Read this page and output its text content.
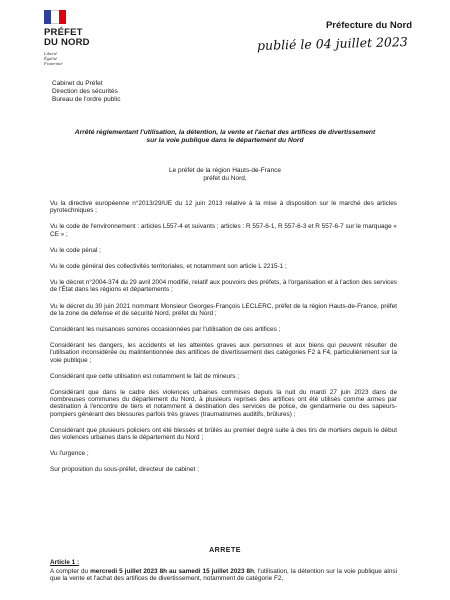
PRÉFET
DU NORD
Liberté
Égalité
Fraternité
Préfecture du Nord
publié le 04 juillet 2023
Cabinet du Préfet
Direction des sécurités
Bureau de l'ordre public
Arrêté réglementant l'utilisation, la détention, la vente et l'achat des artifices de divertissement
sur la voie publique dans le département du Nord
Le préfet de la région Hauts-de-France
préfet du Nord,

Vu la directive européenne n°2013/29/UE du 12 juin 2013 relative à la mise à disposition sur le marché des articles pyrotechniques ;

Vu le code de l'environnement : articles L557-4 et suivants ; articles : R 557-6-1, R 557-6-3 et R 557-6-7 sur le marquage « CE » ;

Vu le code pénal ;

Vu le code général des collectivités territoriales, et notamment son article L 2215-1 ;

Vu le décret n°2004-374 du 29 avril 2004 modifié, relatif aux pouvoirs des préfets, à l'organisation et à l'action des services de l'État dans les régions et départements ;

Vu le décret du 30 juin 2021 nommant Monsieur Georges-François LECLERC, préfet de la région Hauts-de-France, préfet de la zone de défense et de sécurité Nord, préfet du Nord ;

Considérant les nuisances sonores occasionnées par l'utilisation de ces artifices ;

Considérant les dangers, les accidents et les atteintes graves aux personnes et aux biens qui peuvent résulter de l'utilisation inconsidérée ou malintentionnée des artifices de divertissement des catégories F2 à F4, particulièrement sur la voie publique ;

Considérant que cette utilisation est notamment le fait de mineurs ;

Considérant que dans le cadre des violences urbaines commises depuis la nuit du mardi 27 juin 2023 dans de nombreuses communes du département du Nord, à plusieurs reprises des artifices ont été utilisés comme armes par destination à l'encontre de tiers et notamment à destination des services de police, de gendarmerie ou des sapeurs-pompiers générant des blessures parfois très graves (traumatismes auditifs, brûlures) ;

Considérant que plusieurs policiers ont été blessés et brûlés au premier degré suite à des tirs de mortiers depuis le début des violences urbaines dans le département du Nord ;

Vu l'urgence ;

Sur proposition du sous-préfet, directeur de cabinet ;

ARRETE
Article 1 :
A compter du mercredi 5 juillet 2023 8h au samedi 15 juillet 2023 8h, l'utilisation, la détention sur la voie publique ainsi que la vente et l'achat des artifices de divertissement, notamment de catégorie F2,
